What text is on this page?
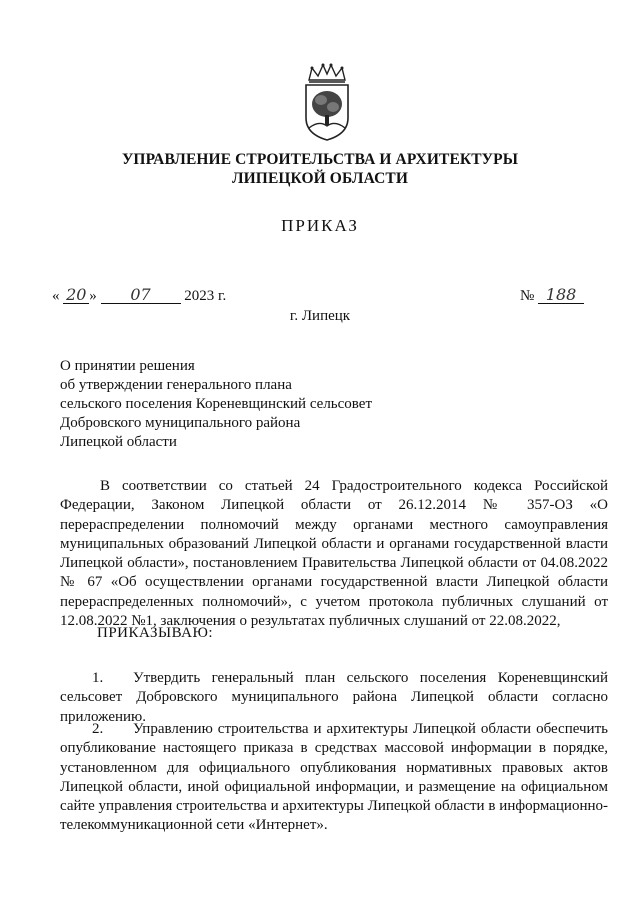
УПРАВЛЕНИЕ СТРОИТЕЛЬСТВА И АРХИТЕКТУРЫ
ЛИПЕЦКОЙ ОБЛАСТИ
ПРИКАЗ
« 20 » 07 2023 г.	№ 188
г. Липецк
О принятии решения
об утверждении генерального плана
сельского поселения Кореневщинский сельсовет
Добровского муниципального района
Липецкой области
В соответствии со статьей 24 Градостроительного кодекса Российской Федерации, Законом Липецкой области от 26.12.2014 № 357-ОЗ «О перераспределении полномочий между органами местного самоуправления муниципальных образований Липецкой области и органами государственной власти Липецкой области», постановлением Правительства Липецкой области от 04.08.2022 № 67 «Об осуществлении органами государственной власти Липецкой области перераспределенных полномочий», с учетом протокола публичных слушаний от 12.08.2022 №1, заключения о результатах публичных слушаний от 22.08.2022,
ПРИКАЗЫВАЮ:
1. Утвердить генеральный план сельского поселения Кореневщинский сельсовет Добровского муниципального района Липецкой области согласно приложению.
2. Управлению строительства и архитектуры Липецкой области обеспечить опубликование настоящего приказа в средствах массовой информации в порядке, установленном для официального опубликования нормативных правовых актов Липецкой области, иной официальной информации, и размещение на официальном сайте управления строительства и архитектуры Липецкой области в информационно-телекоммуникационной сети «Интернет».
